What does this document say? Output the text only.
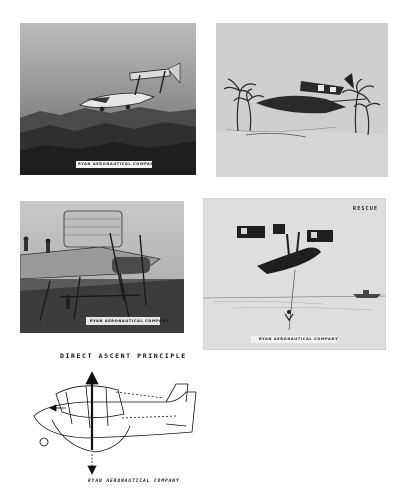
RYAN AERONAUTICAL COMPANY
RYAN AERONAUTICAL COMPANY
RESCUE
RYAN AERONAUTICAL COMPANY
DIRECT ASCENT PRINCIPLE
RYAN AERONAUTICAL COMPANY
